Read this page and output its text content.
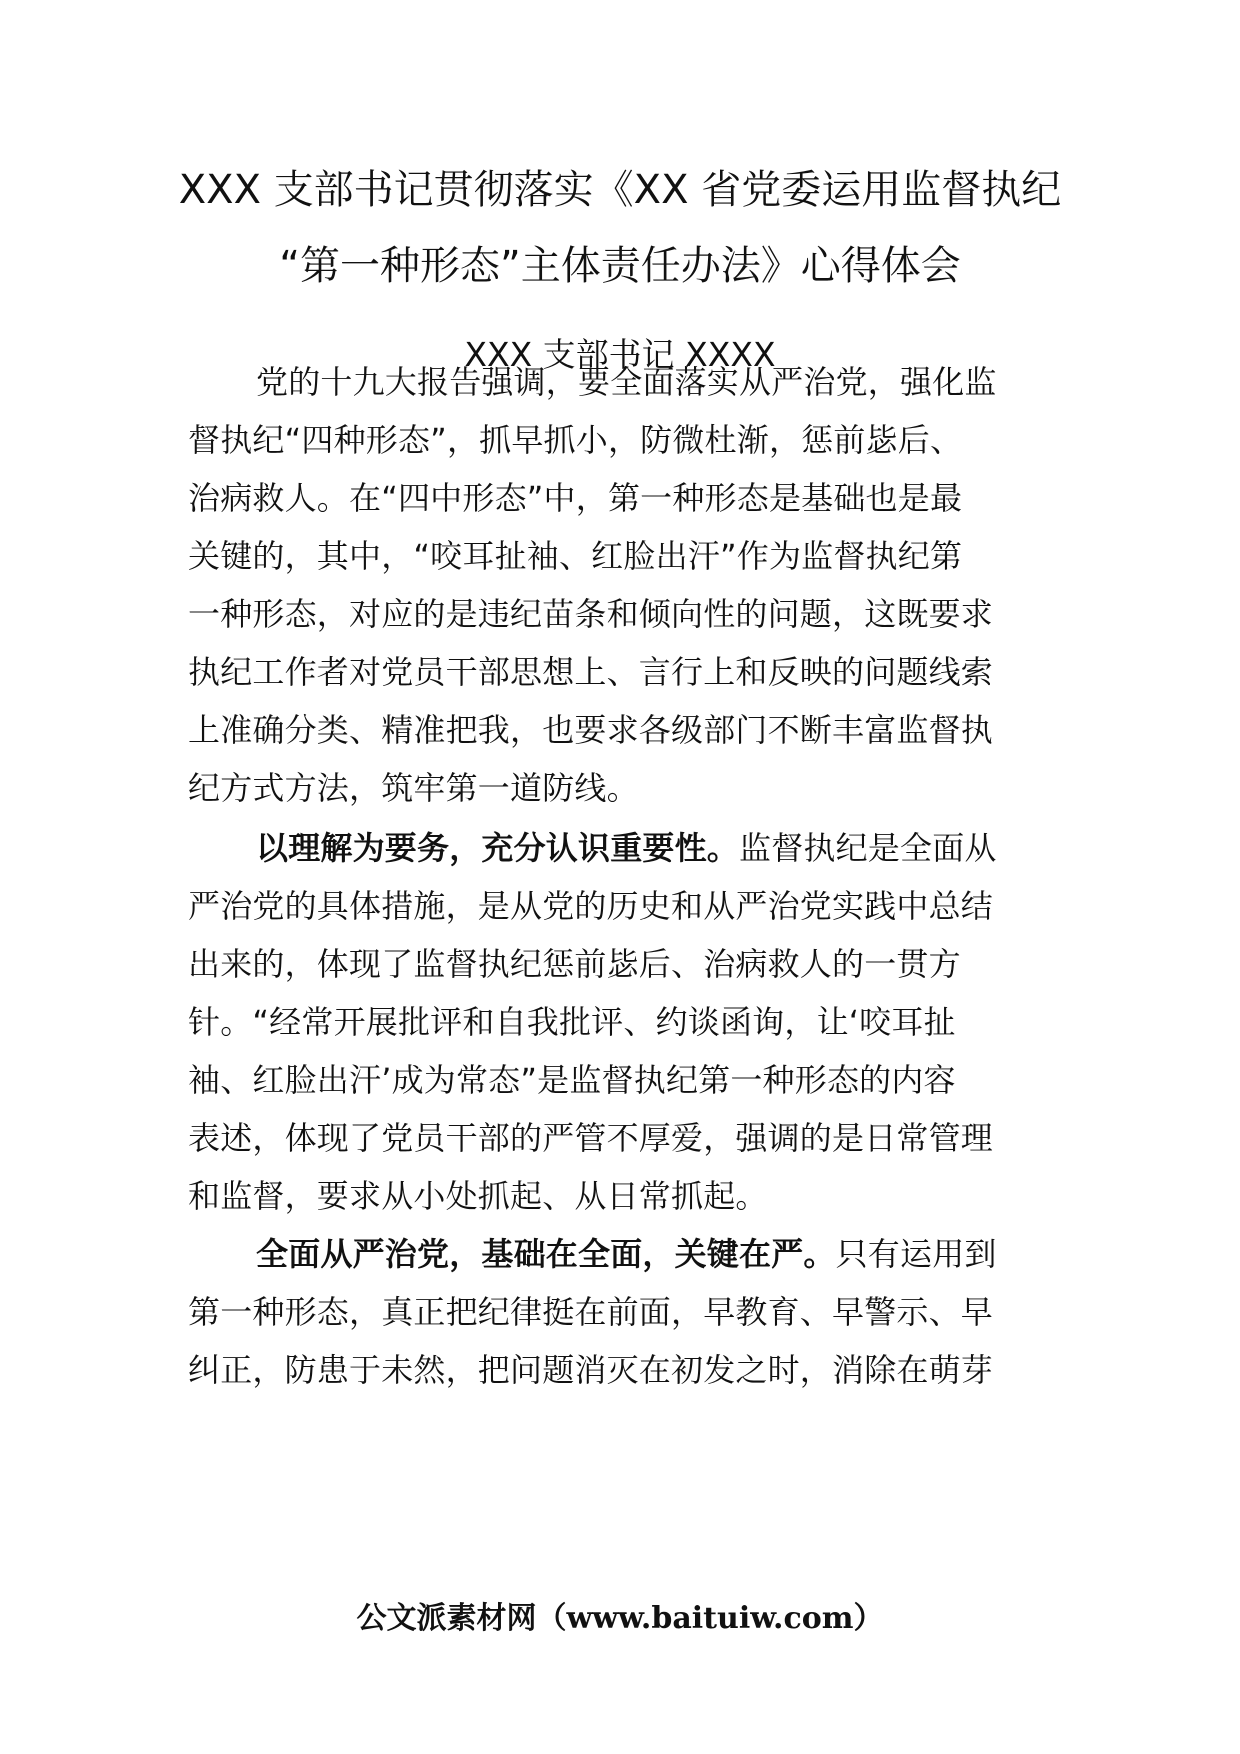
XXX 支部书记贯彻落实《XX 省党委运用监督执纪
“第一种形态”主体责任办法》心得体会
XXX 支部书记 XXXX
党的十九大报告强调，要全面落实从严治党，强化监
督执纪“四种形态”，抓早抓小，防微杜渐，惩前毖后、
治病救人。在“四中形态”中，第一种形态是基础也是最
关键的，其中，“咬耳扯袖、红脸出汗”作为监督执纪第
一种形态，对应的是违纪苗条和倾向性的问题，这既要求
执纪工作者对党员干部思想上、言行上和反映的问题线索
上准确分类、精准把我，也要求各级部门不断丰富监督执
纪方式方法，筑牢第一道防线。
以理解为要务，充分认识重要性。监督执纪是全面从
严治党的具体措施，是从党的历史和从严治党实践中总结
出来的，体现了监督执纪惩前毖后、治病救人的一贯方
针。“经常开展批评和自我批评、约谈函询，让‘咬耳扯
袖、红脸出汗’成为常态”是监督执纪第一种形态的内容
表述，体现了党员干部的严管不厚爱，强调的是日常管理
和监督，要求从小处抓起、从日常抓起。
全面从严治党，基础在全面，关键在严。只有运用到
第一种形态，真正把纪律挺在前面，早教育、早警示、早
纠正，防患于未然，把问题消灭在初发之时，消除在萌芽
公文派素材网（www.baituiw.com）
